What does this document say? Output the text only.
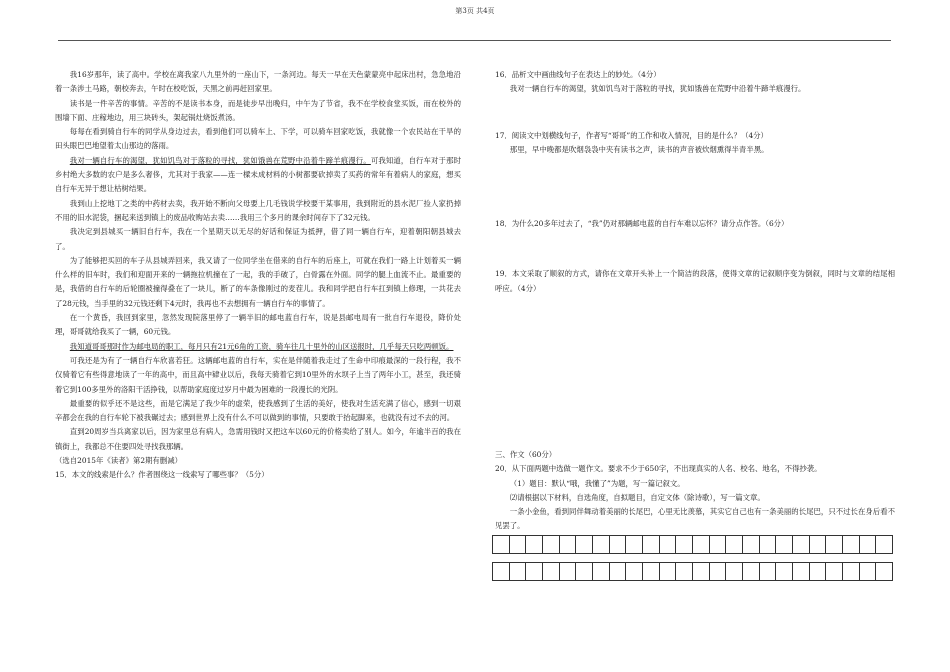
第3页 共4页

我16岁那年，读了高中。学校在离我家八九里外的一座山下，一条河边。每天一早在天色蒙蒙亮中起床出村，急急地沿着一条涉土马路，朝校奔去，午时在校吃饭，天黑之前再赶回家里。

读书是一件辛苦的事情。辛苦的不是读书本身，而是徒步早出晚归，中午为了节省，我不在学校食堂买饭，而在校外的围墙下面、庄稼地边，用三块砖头，架起锅灶烧饭煮汤。

每每在看到骑自行车的同学从身边过去，看到他们可以骑车上、下学，可以骑车回家吃饭，我就像一个农民站在干旱的田头眼巴巴地望着太山那边的落雨。

我对一辆自行车的渴望，犹如饥鸟对于落粒的寻找，犹如饿兽在荒野中沿着牛蹄羊痕漫行。可我知道，自行车对于那时乡村绝大多数的农户是多么奢侈，尤其对于我家——连一樑未成材料的小树都要砍掉卖了买药的常年有着病人的家庭，想买自行车无异于想让枯树结果。

我到山上挖地丁之类的中药材去卖，我开始不断向父母要上几毛钱说学校要干某事用，我到附近的县水泥厂捡人家扔掉不用的旧水泥袋，捆起来送到镇上的废品收购站去卖……我用三个多月的课余时间存下了32元钱。

我决定到县城买一辆旧自行车，我在一个星期天以无尽的好话和保证为抵押，借了同一辆自行车，迎着朝阳朝县城去了。

为了能够把买回的车子从县城弄回来，我又请了一位同学坐在借来的自行车的后座上，可就在我们一路上计划着买一辆什么样的旧车时，我们和迎面开来的一辆拖拉机撞在了一起，我的手破了，白骨露在外面。同学的腿上血流不止。最重要的是，我借的自行车的后轮圈被撞得叠在了一块儿，断了的车条像刚过的麦茬儿。我和同学把自行车扛到镇上修理，一共花去了28元钱，当手里的32元钱还剩下4元时，我再也不去想拥有一辆自行车的事情了。

在一个黄昏，我回到家里，忽然发现院落里停了一辆半旧的邮电蓝自行车，说是县邮电局有一批自行车退役，降价处理，哥哥就给我买了一辆，60元钱。

我知道哥哥那时作为邮电局的职工，每月只有21元6角的工资，骑车往几十里外的山区送报时，几乎每天只吃两顿饭。

可我还是为有了一辆自行车欣喜若狂。这辆邮电蓝的自行车，实在是伴随着我走过了生命中印痕最深的一段行程，我不仅骑着它有些得意地读了一年的高中，而且高中肄业以后，我每天骑着它到10里外的水坝子上当了两年小工，甚至，我还骑着它到100多里外的洛阳干活挣钱，以帮助家庭度过岁月中最为困难的一段漫长的光阴。

最重要的似乎还不是这些，而是它满足了我少年的虚荣，使我感到了生活的美好，使我对生活充满了信心，感到一切艰辛都会在我的自行车轮下被我碾过去；感到世界上没有什么不可以做到的事情，只要敢于抬起脚来，也就没有过不去的河。

直到20周岁当兵离家以后，因为家里总有病人，急需用钱时又把这车以60元的价格卖给了别人。如今，年逾半百的我在镇街上，我都总不住要四处寻找我那辆。

（选自2015年《读者》第2期有删减）

15．本文的线索是什么？作者围绕这一线索写了哪些事？（5分）

16．品析文中画曲线句子在表达上的妙处。（4分）

我对一辆自行车的渴望，犹如饥鸟对于落粒的寻找，犹如饿兽在荒野中沿着牛蹄羊痕漫行。

17．阅读文中划横线句子，作者写“哥哥”的工作和收入情况，目的是什么？（4分）

那里，早中晚都是吹烟袅袅中夹有读书之声，读书的声音被炊烟熏得半青半黑。

18．为什么20多年过去了，“我”仍对那辆邮电蓝的自行车难以忘怀？请分点作答。（6分）

19．本文采取了顺叙的方式，请你在文章开头补上一个简洁的段落，使得文章的记叙顺序变为倒叙，同时与文章的结尾相呼应。（4分）

三、作文（60分）

20．从下面两题中选做一题作文。要求不少于650字，不出现真实的人名、校名、地名，不得抄袭。

（1）题目：默认“哦，我懂了”为题，写一篇记叙文。

⑵请根据以下材料，自选角度，自拟题目，自定文体（除诗歌），写一篇文章。

一条小金鱼，看到同伴舞动着美丽的长尾巴，心里无比羡慕，其实它自己也有一条美丽的长尾巴，只不过长在身后看不见罢了。
